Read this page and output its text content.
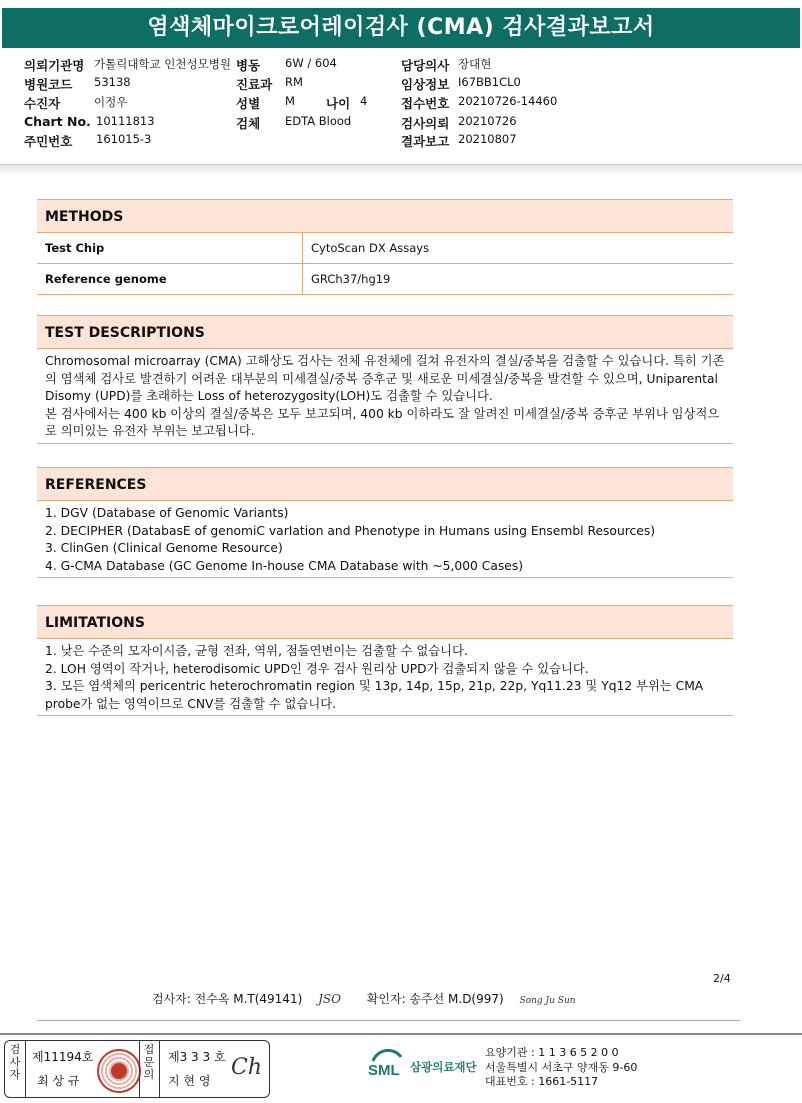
염색체마이크로어레이검사 (CMA) 검사결과보고서
의뢰기관명 가톨릭대학교 인천성모병원 병동 6W / 604	담당의사 장대현
병원코드 53138	진료과 RM	임상정보 I67BB1CL0
수진자	이정우	성별 M 나이 4	접수번호 20210726-14460
Chart No. 10111813	검체 EDTA Blood	검사의뢰 20210726
주민번호 161015-3	결과보고 20210807
METHODS
Test Chip	CytoScan DX Assays
Reference genome	GRCh37/hg19
TEST DESCRIPTIONS
Chromosomal microarray (CMA) 고해상도 검사는 전체 유전체에 걸쳐 유전자의 결실/중복을 검출할 수 있습니다. 특히 기존의 염색체 검사로 발견하기 어려운 대부분의 미세결실/중복 증후군 및 새로운 미세결실/중복을 발견할 수 있으며, Uniparental Disomy (UPD)를 초래하는 Loss of heterozygosity(LOH)도 검출할 수 있습니다.
본 검사에서는 400 kb 이상의 결실/중복은 모두 보고되며, 400 kb 이하라도 잘 알려진 미세결실/중복 증후군 부위나 임상적으로 의미있는 유전자 부위는 보고됩니다.
REFERENCES
1. DGV (Database of Genomic Variants)
2. DECIPHER (DatabasE of genomiC varIation and Phenotype in Humans using Ensembl Resources)
3. ClinGen (Clinical Genome Resource)
4. G-CMA Database (GC Genome In-house CMA Database with ~5,000 Cases)
LIMITATIONS
1. 낮은 수준의 모자이시즘, 균형 전좌, 역위, 점돌연변이는 검출할 수 없습니다.
2. LOH 영역이 작거나, heterodisomic UPD인 경우 검사 원리상 UPD가 검출되지 않을 수 있습니다.
3. 모든 염색체의 pericentric heterochromatin region 및 13p, 14p, 15p, 21p, 22p, Yq11.23 및 Yq12 부위는 CMA probe가 없는 영역이므로 CNV를 검출할 수 없습니다.
2/4
검사자: 전수옥 M.T(49141) JSO 확인자: 송주선 M.D(997) Song Ju Sun
검사자
제11194호
최 상 규
접문의
제3 3 3 호
지 현 영
Ch	SML 삼광의료재단
요양기관 : 1 1 3 6 5 2 0 0
서울특별시 서초구 양재동 9-60
대표번호 : 1661-5117
